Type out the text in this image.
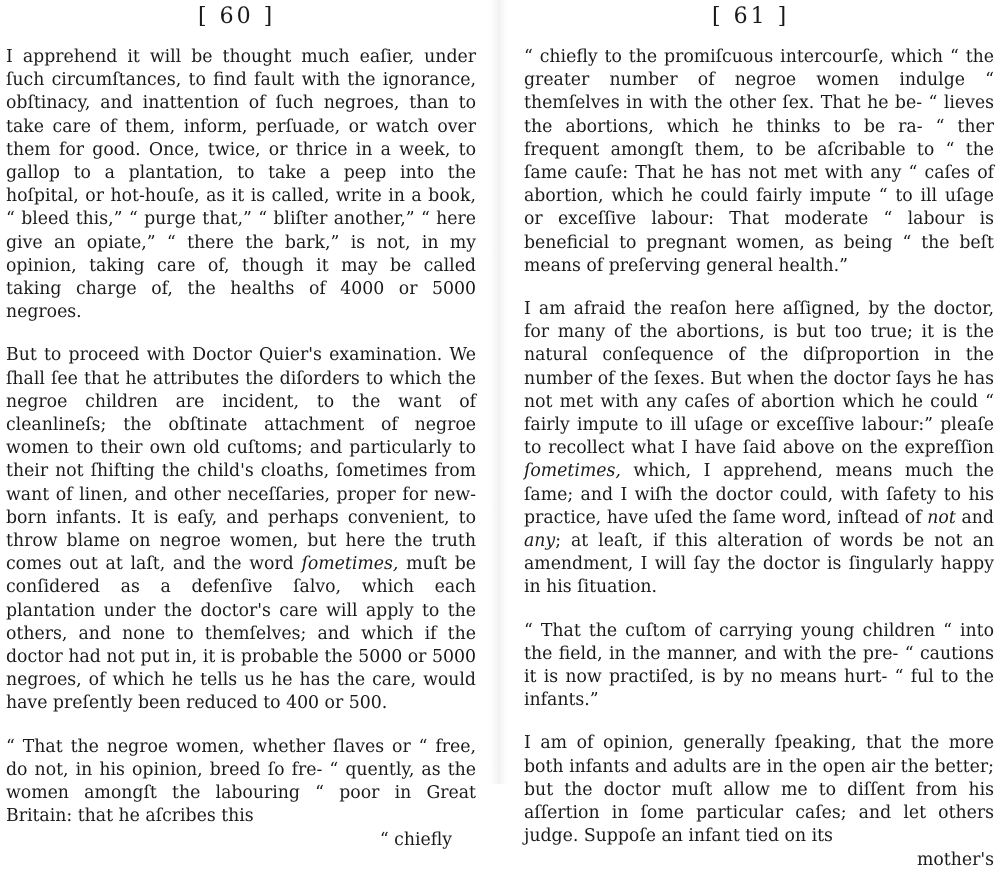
[ 60 ]

I apprehend it will be thought much eaſier, under ſuch circumſtances, to find fault with the ignorance, obſtinacy, and inattention of ſuch negroes, than to take care of them, inform, perſuade, or watch over them for good. Once, twice, or thrice in a week, to gallop to a plantation, to take a peep into the hoſpital, or hot-houſe, as it is called, write in a book, “ bleed this,” “ purge that,” “ bliſter another,” “ here give an opiate,” “ there the bark,” is not, in my opinion, taking care of, though it may be called taking charge of, the healths of 4000 or 5000 negroes.

But to proceed with Doctor Quier's examination. We ſhall ſee that he attributes the diſorders to which the negroe children are incident, to the want of cleanlineſs; the obſtinate attachment of negroe women to their own old cuſtoms; and particularly to their not ſhifting the child's cloaths, ſometimes from want of linen, and other neceſſaries, proper for new-born infants. It is eaſy, and perhaps convenient, to throw blame on negroe women, but here the truth comes out at laſt, and the word ſometimes, muſt be conſidered as a defenſive ſalvo, which each plantation under the doctor's care will apply to the others, and none to themſelves; and which if the doctor had not put in, it is probable the 5000 or 5000 negroes, of which he tells us he has the care, would have preſently been reduced to 400 or 500.

“ That the negroe women, whether ſlaves or “ free, do not, in his opinion, breed ſo fre- “ quently, as the women amongſt the labouring “ poor in Great Britain: that he aſcribes this
“ chiefly

[ 61 ]

“ chiefly to the promiſcuous intercourſe, which “ the greater number of negroe women indulge “ themſelves in with the other ſex. That he be- “ lieves the abortions, which he thinks to be ra- “ ther frequent amongſt them, to be aſcribable to “ the ſame cauſe: That he has not met with any “ caſes of abortion, which he could fairly impute “ to ill uſage or exceſſive labour: That moderate “ labour is beneficial to pregnant women, as being “ the beſt means of preſerving general health.”

I am afraid the reaſon here aſſigned, by the doctor, for many of the abortions, is but too true; it is the natural conſequence of the diſproportion in the number of the ſexes. But when the doctor ſays he has not met with any caſes of abortion which he could “ fairly impute to ill uſage or exceſſive labour:” pleaſe to recollect what I have ſaid above on the expreſſion ſometimes, which, I apprehend, means much the ſame; and I wiſh the doctor could, with ſafety to his practice, have uſed the ſame word, inſtead of not and any; at leaſt, if this alteration of words be not an amendment, I will ſay the doctor is ſingularly happy in his ſituation.

“ That the cuſtom of carrying young children “ into the field, in the manner, and with the pre- “ cautions it is now practiſed, is by no means hurt- “ ful to the infants.”

I am of opinion, generally ſpeaking, that the more both infants and adults are in the open air the better; but the doctor muſt allow me to diſſent from his aſſertion in ſome particular caſes; and let others judge. Suppoſe an infant tied on its
mother's
